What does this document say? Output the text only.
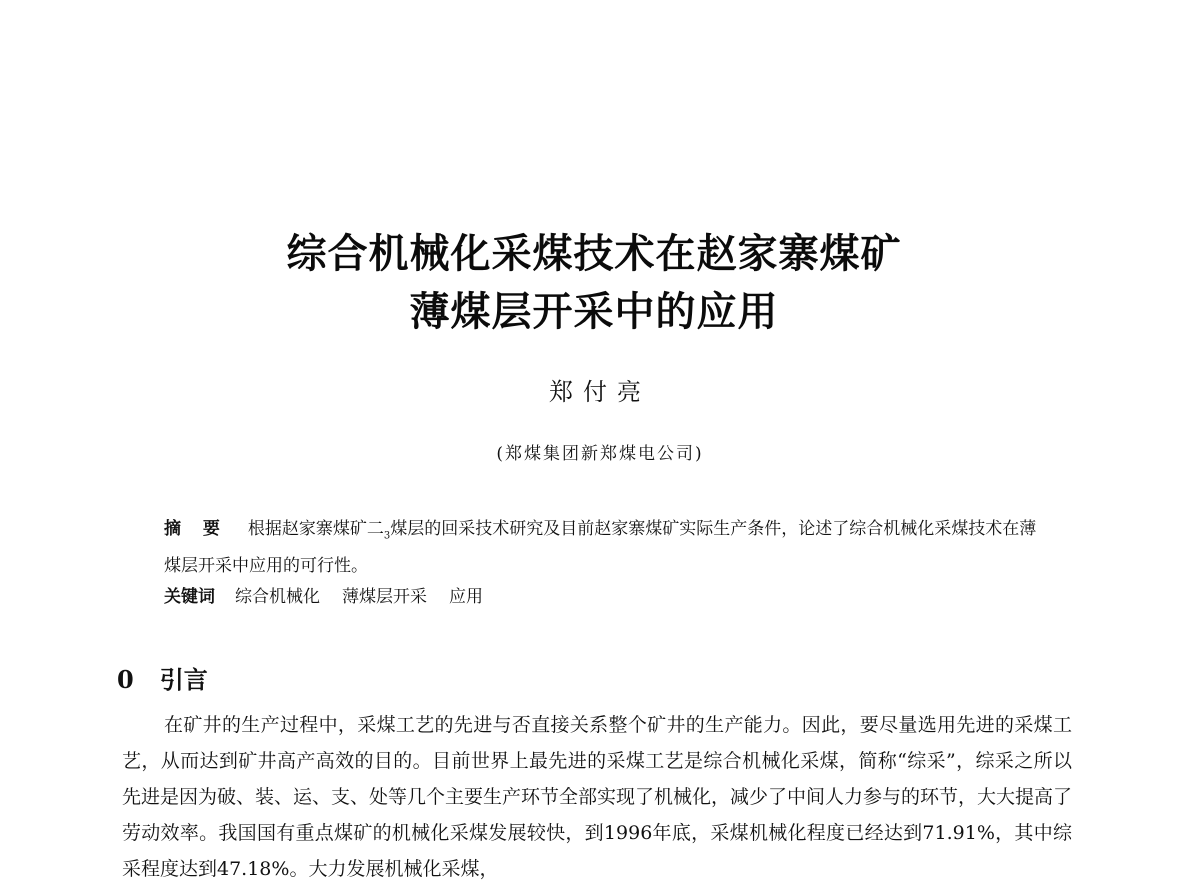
综合机械化采煤技术在赵家寨煤矿
薄煤层开采中的应用
郑付亮
(郑煤集团新郑煤电公司)
摘 要 根据赵家寨煤矿二$_3$煤层的回采技术研究及目前赵家寨煤矿实际生产条件，论述了综合机械化采煤技术在薄煤层开采中应用的可行性。
关键词 综合机械化 薄煤层开采 应用
0 引言

在矿井的生产过程中，采煤工艺的先进与否直接关系整个矿井的生产能力。因此，要尽量选用先进的采煤工艺，从而达到矿井高产高效的目的。目前世界上最先进的采煤工艺是综合机械化采煤，简称“综采”，综采之所以先进是因为破、装、运、支、处等几个主要生产环节全部实现了机械化，减少了中间人力参与的环节，大大提高了劳动效率。我国国有重点煤矿的机械化采煤发展较快，到1996年底，采煤机械化程度已经达到71.91%，其中综采程度达到47.18%。大力发展机械化采煤，
